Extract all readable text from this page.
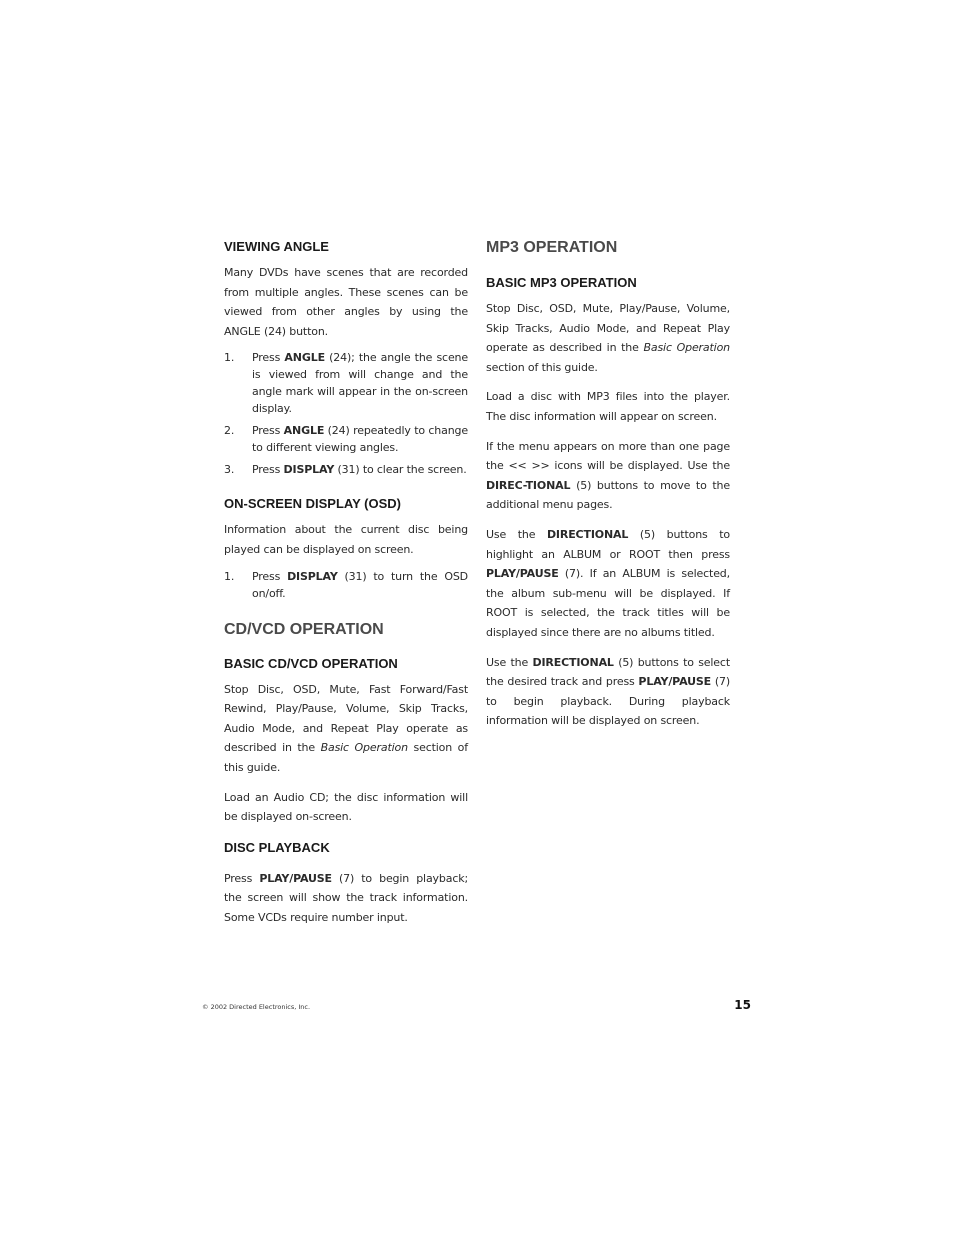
VIEWING ANGLE

Many DVDs have scenes that are recorded from multiple angles. These scenes can be viewed from other angles by using the ANGLE (24) button.

1.	Press ANGLE (24); the angle the scene is viewed from will change and the angle mark will appear in the on-screen display.
2.	Press ANGLE (24) repeatedly to change to different viewing angles.
3.	Press DISPLAY (31) to clear the screen.
ON-SCREEN DISPLAY (OSD)

Information about the current disc being played can be displayed on screen.

1.	Press DISPLAY (31) to turn the OSD on/off.
CD/VCD OPERATION
BASIC CD/VCD OPERATION

Stop Disc, OSD, Mute, Fast Forward/Fast Rewind, Play/Pause, Volume, Skip Tracks, Audio Mode, and Repeat Play operate as described in the Basic Operation section of this guide.

Load an Audio CD; the disc information will be displayed on-screen.

DISC PLAYBACK

Press PLAY/PAUSE (7) to begin playback; the screen will show the track information. Some VCDs require number input.

MP3 OPERATION
BASIC MP3 OPERATION

Stop Disc, OSD, Mute, Play/Pause, Volume, Skip Tracks, Audio Mode, and Repeat Play operate as described in the Basic Operation section of this guide.

Load a disc with MP3 files into the player. The disc information will appear on screen.

If the menu appears on more than one page the << >> icons will be displayed. Use the DIREC-TIONAL (5) buttons to move to the additional menu pages.

Use the DIRECTIONAL (5) buttons to highlight an ALBUM or ROOT then press PLAY/PAUSE (7). If an ALBUM is selected, the album sub-menu will be displayed. If ROOT is selected, the track titles will be displayed since there are no albums titled.

Use the DIRECTIONAL (5) buttons to select the desired track and press PLAY/PAUSE (7) to begin playback. During playback information will be displayed on screen.

© 2002 Directed Electronics, Inc.	15
